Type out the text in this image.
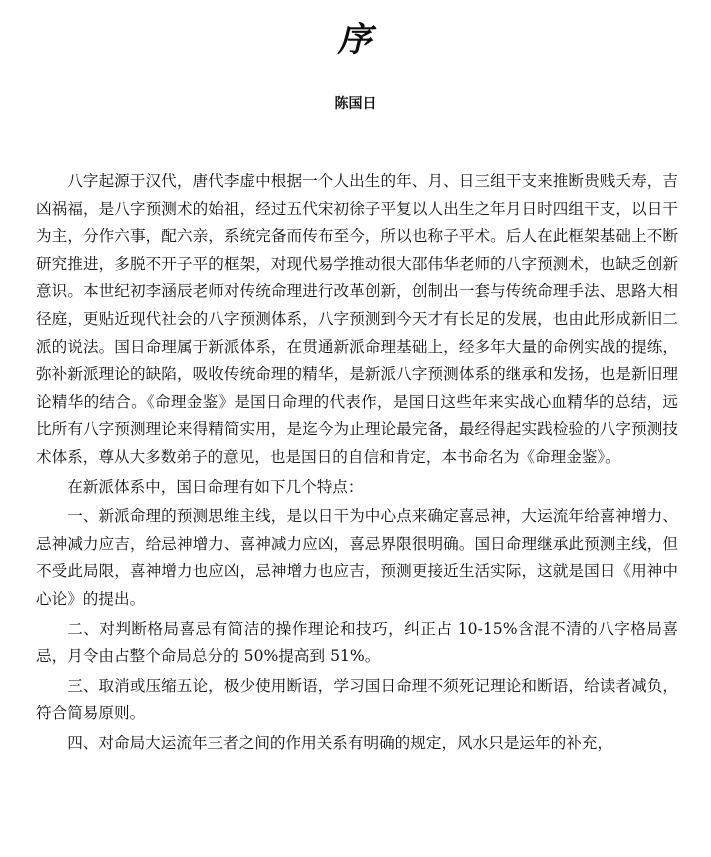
序
陈国日

八字起源于汉代，唐代李虚中根据一个人出生的年、月、日三组干支来推断贵贱夭寿，吉凶祸福，是八字预测术的始祖，经过五代宋初徐子平复以人出生之年月日时四组干支，以日干为主，分作六事，配六亲，系统完备而传布至今，所以也称子平术。后人在此框架基础上不断研究推进，多脱不开子平的框架，对现代易学推动很大邵伟华老师的八字预测术，也缺乏创新意识。本世纪初李涵辰老师对传统命理进行改革创新，创制出一套与传统命理手法、思路大相径庭，更贴近现代社会的八字预测体系，八字预测到今天才有长足的发展，也由此形成新旧二派的说法。国日命理属于新派体系，在贯通新派命理基础上，经多年大量的命例实战的提练，弥补新派理论的缺陷，吸收传统命理的精华，是新派八字预测体系的继承和发扬，也是新旧理论精华的结合。《命理金鉴》是国日命理的代表作，是国日这些年来实战心血精华的总结，远比所有八字预测理论来得精简实用，是迄今为止理论最完备，最经得起实践检验的八字预测技术体系，尊从大多数弟子的意见，也是国日的自信和肯定，本书命名为《命理金鉴》。

在新派体系中，国日命理有如下几个特点：

一、新派命理的预测思维主线，是以日干为中心点来确定喜忌神，大运流年给喜神增力、忌神减力应吉，给忌神增力、喜神减力应凶，喜忌界限很明确。国日命理继承此预测主线，但不受此局限，喜神增力也应凶，忌神增力也应吉，预测更接近生活实际，这就是国日《用神中心论》的提出。

二、对判断格局喜忌有简洁的操作理论和技巧，纠正占 10-15%含混不清的八字格局喜忌，月令由占整个命局总分的 50%提高到 51%。

三、取消或压缩五论，极少使用断语，学习国日命理不须死记理论和断语，给读者减负，符合简易原则。

四、对命局大运流年三者之间的作用关系有明确的规定，风水只是运年的补充，
